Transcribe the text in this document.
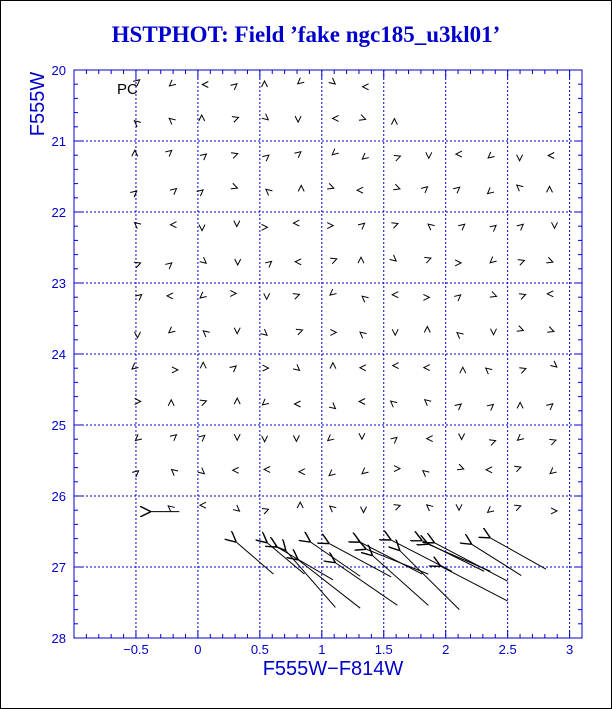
HSTPHOT: Field ’fake ngc185_u3kl01’
−0.5	0	0.5	1	1.5	2	2.5	3
20
21
22
23
24
25
26
27
28
PC
F555W−F814W
F555W
